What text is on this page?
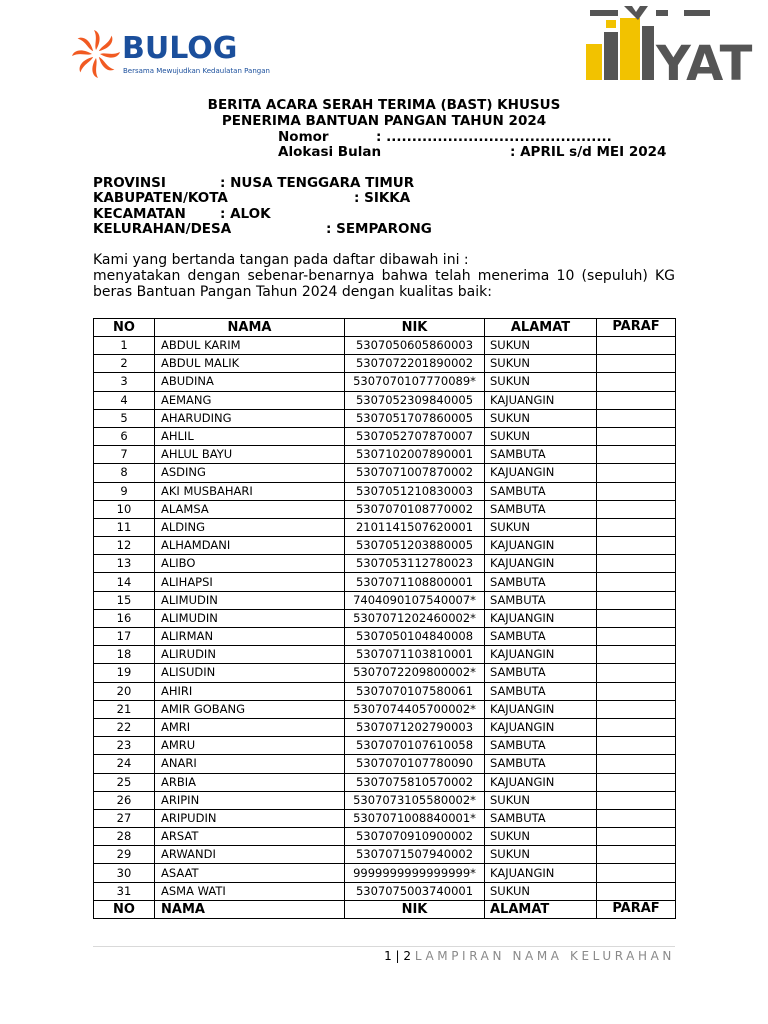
BULOG
Bersama Mewujudkan Kedaulatan Pangan	YAT
BERITA ACARA SERAH TERIMA (BAST) KHUSUS
PENERIMA BANTUAN PANGAN TAHUN 2024
Nomor	: ............................................
Alokasi Bulan	: APRIL s/d MEI 2024
PROVINSI	: NUSA TENGGARA TIMUR
KABUPATEN/KOTA	: SIKKA
KECAMATAN	: ALOK
KELURAHAN/DESA	: SEMPARONG
Kami yang bertanda tangan pada daftar dibawah ini :
menyatakan dengan sebenar-benarnya bahwa telah menerima 10 (sepuluh) KG
beras Bantuan Pangan Tahun 2024 dengan kualitas baik:
NO	NAMA	NIK	ALAMAT	PARAF
1	ABDUL KARIM	5307050605860003	SUKUN	
2	ABDUL MALIK	5307072201890002	SUKUN	
3	ABUDINA	5307070107770089*	SUKUN	
4	AEMANG	5307052309840005	KAJUANGIN	
5	AHARUDING	5307051707860005	SUKUN	
6	AHLIL	5307052707870007	SUKUN	
7	AHLUL BAYU	5307102007890001	SAMBUTA	
8	ASDING	5307071007870002	KAJUANGIN	
9	AKI MUSBAHARI	5307051210830003	SAMBUTA	
10	ALAMSA	5307070108770002	SAMBUTA	
11	ALDING	2101141507620001	SUKUN	
12	ALHAMDANI	5307051203880005	KAJUANGIN	
13	ALIBO	5307053112780023	KAJUANGIN	
14	ALIHAPSI	5307071108800001	SAMBUTA	
15	ALIMUDIN	7404090107540007*	SAMBUTA	
16	ALIMUDIN	5307071202460002*	KAJUANGIN	
17	ALIRMAN	5307050104840008	SAMBUTA	
18	ALIRUDIN	5307071103810001	KAJUANGIN	
19	ALISUDIN	5307072209800002*	SAMBUTA	
20	AHIRI	5307070107580061	SAMBUTA	
21	AMIR GOBANG	5307074405700002*	KAJUANGIN	
22	AMRI	5307071202790003	KAJUANGIN	
23	AMRU	5307070107610058	SAMBUTA	
24	ANARI	5307070107780090	SAMBUTA	
25	ARBIA	5307075810570002	KAJUANGIN	
26	ARIPIN	5307073105580002*	SUKUN	
27	ARIPUDIN	5307071008840001*	SAMBUTA	
28	ARSAT	5307070910900002	SUKUN	
29	ARWANDI	5307071507940002	SUKUN	
30	ASAAT	9999999999999999*	KAJUANGIN	
31	ASMA WATI	5307075003740001	SUKUN	
NO	NAMA	NIK	ALAMAT	PARAF
1 | 2 LAMPIRAN NAMA KELURAHAN
